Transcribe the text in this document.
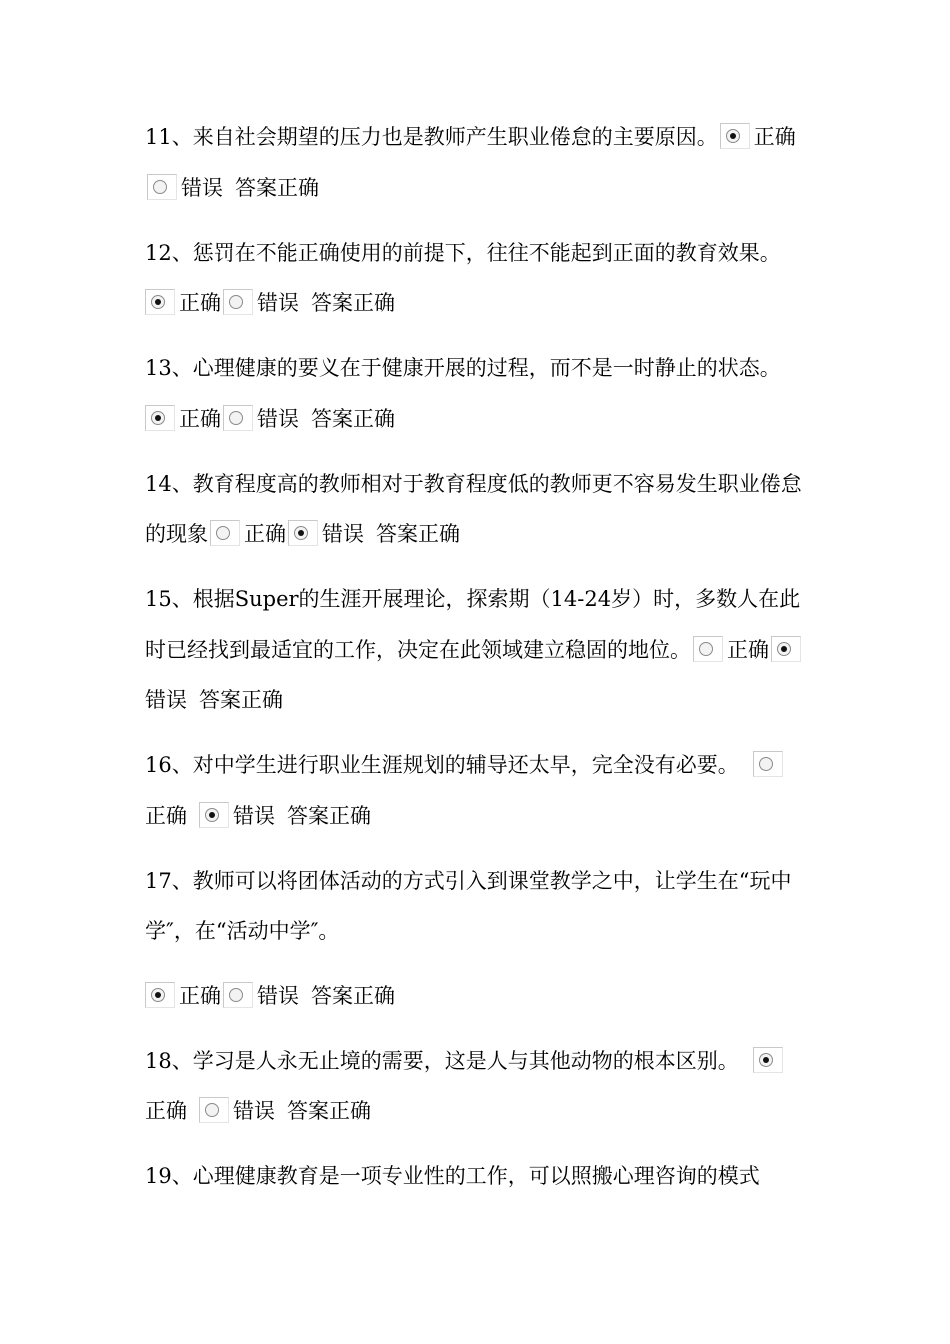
11、来自社会期望的压力也是教师产生职业倦怠的主要原因。 正确
错误 答案正确
12、惩罚在不能正确使用的前提下，往往不能起到正面的教育效果。

正确 错误 答案正确
13、心理健康的要义在于健康开展的过程，而不是一时静止的状态。

正确 错误 答案正确
14、教育程度高的教师相对于教育程度低的教师更不容易发生职业倦怠的现象 正确 错误 答案正确
15、根据Super的生涯开展理论，探索期（14-24岁）时，多数人在此时已经找到最适宜的工作，决定在此领域建立稳固的地位。 正确
错误 答案正确
16、对中学生进行职业生涯规划的辅导还太早，完全没有必要。

正确 错误 答案正确
17、教师可以将团体活动的方式引入到课堂教学之中，让学生在“玩中学″，在“活动中学″。
正确 错误 答案正确
18、学习是人永无止境的需要，这是人与其他动物的根本区别。

正确 错误 答案正确
19、心理健康教育是一项专业性的工作，可以照搬心理咨询的模式
